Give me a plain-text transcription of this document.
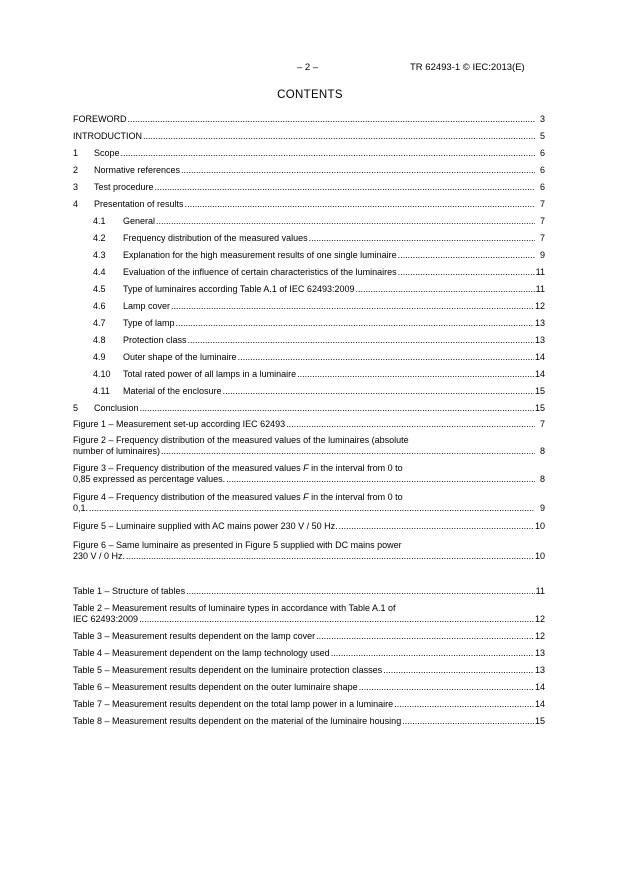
– 2 –	TR 62493-1 © IEC:2013(E)
CONTENTS
FOREWORD .....	3
INTRODUCTION .....	5
1	Scope .....	6
2	Normative references .....	6
3	Test procedure .....	6
4	Presentation of results .....	7
4.1	General .....	7
4.2	Frequency distribution of the measured values .....	7
4.3	Explanation for the high measurement results of one single luminaire .....	9
4.4	Evaluation of the influence of certain characteristics of the luminaires .....	11
4.5	Type of luminaires according Table A.1 of IEC 62493:2009 .....	11
4.6	Lamp cover .....	12
4.7	Type of lamp .....	13
4.8	Protection class .....	13
4.9	Outer shape of the luminaire .....	14
4.10	Total rated power of all lamps in a luminaire .....	14
4.11	Material of the enclosure .....	15
5	Conclusion .....	15
Figure 1 – Measurement set-up according IEC 62493 .....	7
Figure 2 – Frequency distribution of the measured values of the luminaires (absolute
number of luminaires) .....	8
Figure 3 – Frequency distribution of the measured values F in the interval from 0 to
0,85 expressed as percentage values. .....	8
Figure 4 – Frequency distribution of the measured values F in the interval from 0 to
0,1. .....	9
Figure 5 – Luminaire supplied with AC mains power 230 V / 50 Hz. .....	10
Figure 6 – Same luminaire as presented in Figure 5 supplied with DC mains power
230 V / 0 Hz. .....	10
Table 1 – Structure of tables .....	11
Table 2 – Measurement results of luminaire types in accordance with Table A.1 of
IEC 62493:2009 .....	12
Table 3 – Measurement results dependent on the lamp cover .....	12
Table 4 – Measurement dependent on the lamp technology used .....	13
Table 5 – Measurement results dependent on the luminaire protection classes .....	13
Table 6 – Measurement results dependent on the outer luminaire shape .....	14
Table 7 – Measurement results dependent on the total lamp power in a luminaire .....	14
Table 8 – Measurement results dependent on the material of the luminaire housing .....	15
